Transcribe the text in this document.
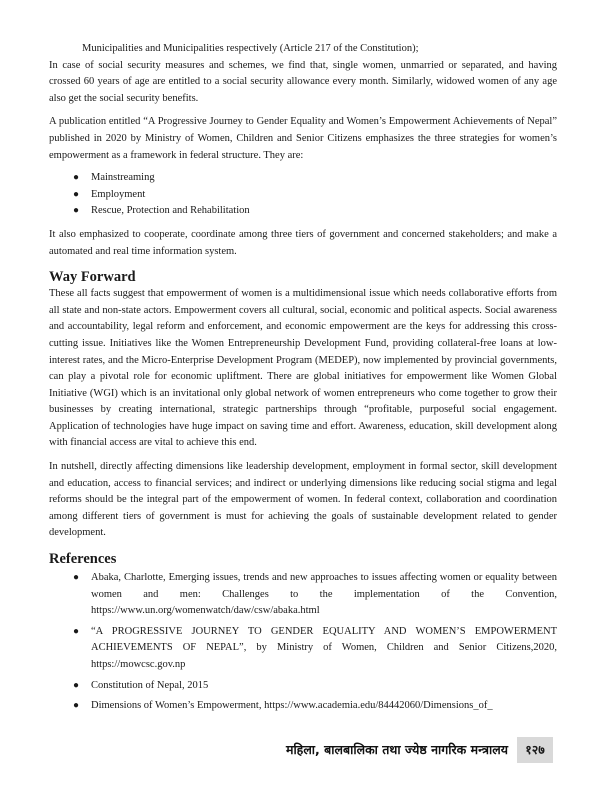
Municipalities and Municipalities respectively (Article 217 of the Constitution);

In case of social security measures and schemes, we find that, single women, unmarried or separated, and having crossed 60 years of age are entitled to a social security allowance every month. Similarly, widowed women of any age also get the social security benefits.

A publication entitled “A Progressive Journey to Gender Equality and Women’s Empowerment Achievements of Nepal” published in 2020 by Ministry of Women, Children and Senior Citizens emphasizes the three strategies for women’s empowerment as a framework in federal structure. They are:

● Mainstreaming
● Employment
● Rescue, Protection and Rehabilitation

It also emphasized to cooperate, coordinate among three tiers of government and concerned stakeholders; and make a automated and real time information system.

Way Forward

These all facts suggest that empowerment of women is a multidimensional issue which needs collaborative efforts from all state and non-state actors. Empowerment covers all cultural, social, economic and political aspects. Social awareness and accountability, legal reform and enforcement, and economic empowerment are the keys for addressing this cross-cutting issue. Initiatives like the Women Entrepreneurship Development Fund, providing collateral-free loans at low-interest rates, and the Micro-Enterprise Development Program (MEDEP), now implemented by provincial governments, can play a pivotal role for economic upliftment. There are global initiatives for empowerment like Women Global Initiative (WGI) which is an invitational only global network of women entrepreneurs who come together to grow their businesses by creating international, strategic partnerships through “profitable, purposeful social engagement. Application of technologies have huge impact on saving time and effort. Awareness, education, skill development along with financial access are vital to achieve this end.

In nutshell, directly affecting dimensions like leadership development, employment in formal sector, skill development and education, access to financial services; and indirect or underlying dimensions like reducing social stigma and legal reforms should be the integral part of the empowerment of women. In federal context, collaboration and coordination among different tiers of government is must for achieving the goals of sustainable development related to gender development.

References
● Abaka, Charlotte, Emerging issues, trends and new approaches to issues affecting women or equality between women and men: Challenges to the implementation of the Convention, https://www.un.org/womenwatch/daw/csw/abaka.html
● “A PROGRESSIVE JOURNEY TO GENDER EQUALITY AND WOMEN’S EMPOWERMENT ACHIEVEMENTS OF NEPAL”, by Ministry of Women, Children and Senior Citizens,2020, https://mowcsc.gov.np
● Constitution of Nepal, 2015
● Dimensions of Women’s Empowerment, https://www.academia.edu/84442060/Dimensions_of_
महिला, बालबालिका तथा ज्येष्ठ नागरिक मन्त्रालय	१२७
